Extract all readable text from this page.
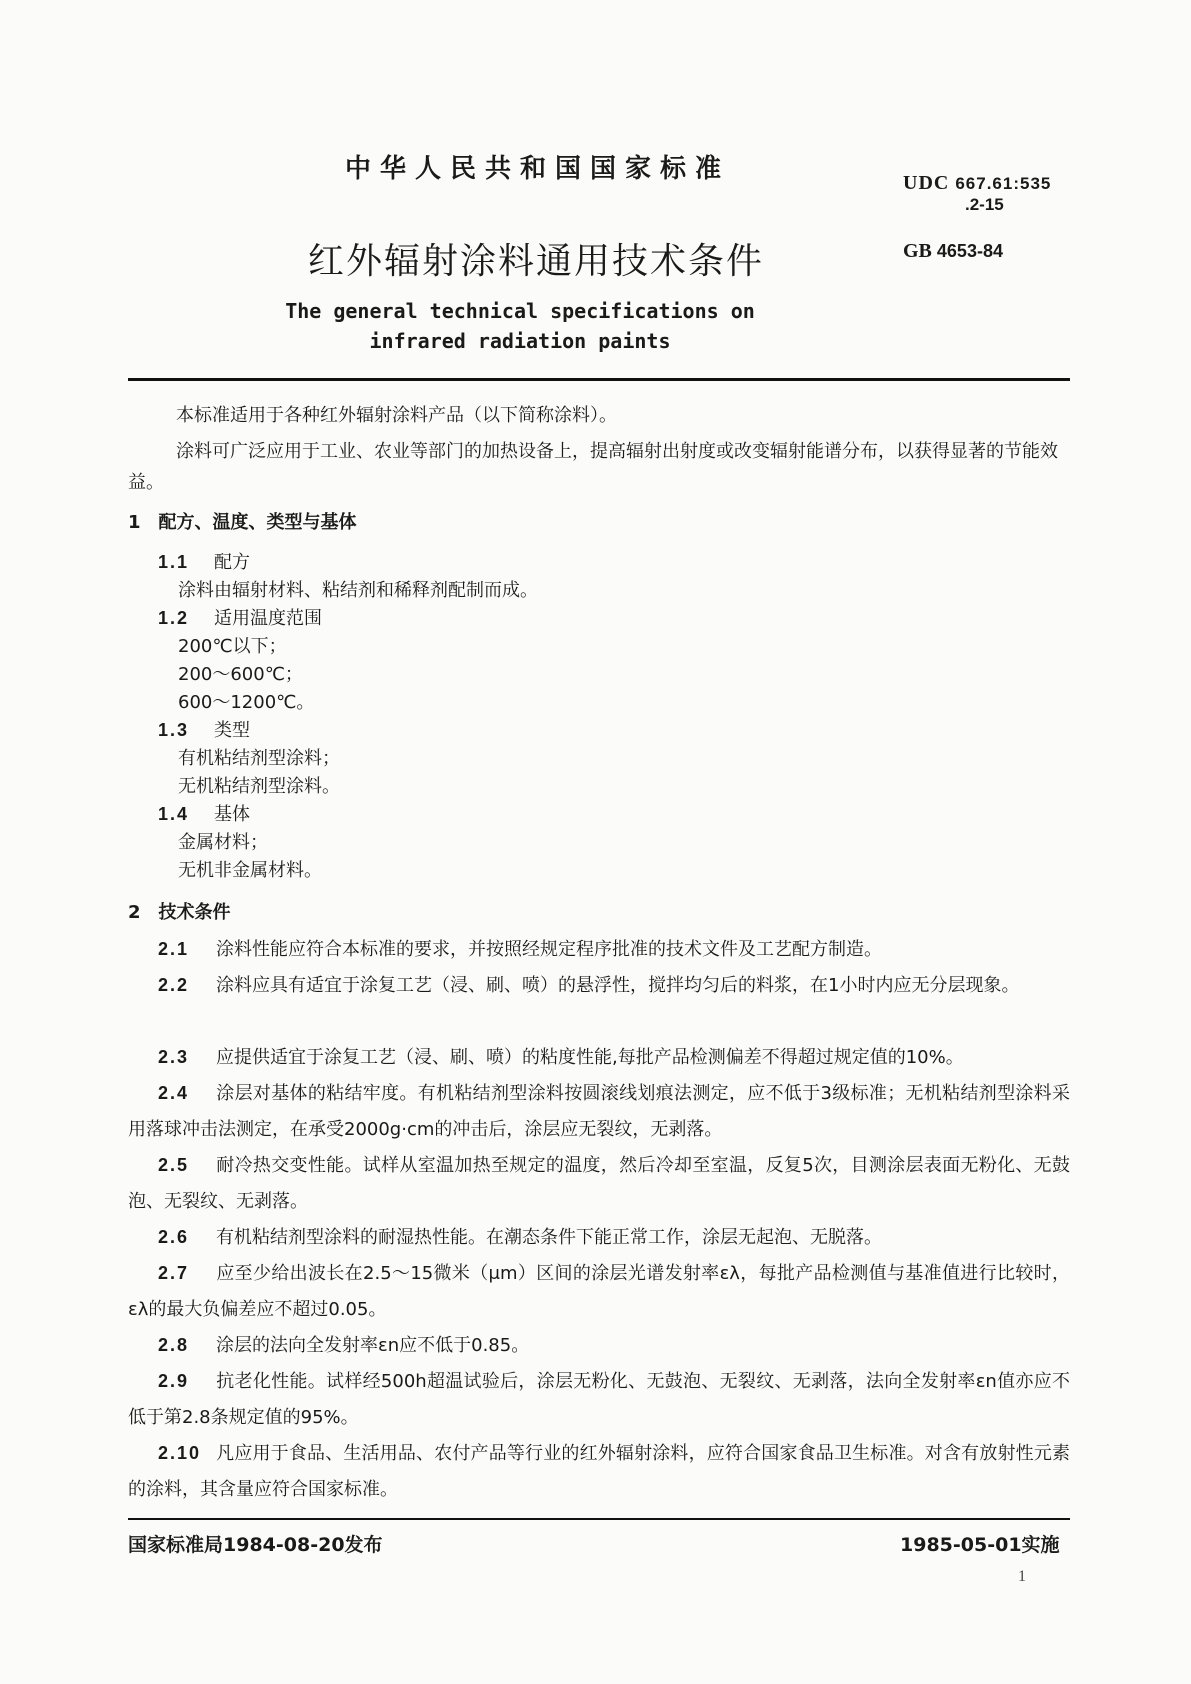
中华人民共和国国家标准	UDC 667.61:535
.2-15
红外辐射涂料通用技术条件	GB 4653-84
The general technical specifications on
infrared radiation paints
本标准适用于各种红外辐射涂料产品（以下简称涂料）。
涂料可广泛应用于工业、农业等部门的加热设备上，提高辐射出射度或改变辐射能谱分布，以获得显著的节能效益。
1　配方、温度、类型与基体
1.1 配方
涂料由辐射材料、粘结剂和稀释剂配制而成。
1.2 适用温度范围
200℃以下；
200～600℃；
600～1200℃。
1.3 类型
有机粘结剂型涂料；
无机粘结剂型涂料。
1.4 基体
金属材料；
无机非金属材料。
2　技术条件
2.1 涂料性能应符合本标准的要求，并按照经规定程序批准的技术文件及工艺配方制造。
2.2 涂料应具有适宜于涂复工艺（浸、刷、喷）的悬浮性，搅拌均匀后的料浆，在1小时内应无分层现象。
2.3 应提供适宜于涂复工艺（浸、刷、喷）的粘度性能,每批产品检测偏差不得超过规定值的10%。
2.4 涂层对基体的粘结牢度。有机粘结剂型涂料按圆滚线划痕法测定，应不低于3级标准；无机粘结剂型涂料采用落球冲击法测定，在承受2000g·cm的冲击后，涂层应无裂纹，无剥落。
2.5 耐冷热交变性能。试样从室温加热至规定的温度，然后冷却至室温，反复5次，目测涂层表面无粉化、无鼓泡、无裂纹、无剥落。
2.6 有机粘结剂型涂料的耐湿热性能。在潮态条件下能正常工作，涂层无起泡、无脱落。
2.7 应至少给出波长在2.5～15微米（μm）区间的涂层光谱发射率ελ，每批产品检测值与基准值进行比较时，ελ的最大负偏差应不超过0.05。
2.8 涂层的法向全发射率εn应不低于0.85。
2.9 抗老化性能。试样经500h超温试验后，涂层无粉化、无鼓泡、无裂纹、无剥落，法向全发射率εn值亦应不低于第2.8条规定值的95%。
2.10 凡应用于食品、生活用品、农付产品等行业的红外辐射涂料，应符合国家食品卫生标准。对含有放射性元素的涂料，其含量应符合国家标准。
国家标准局1984-08-20发布	1985-05-01实施
1
